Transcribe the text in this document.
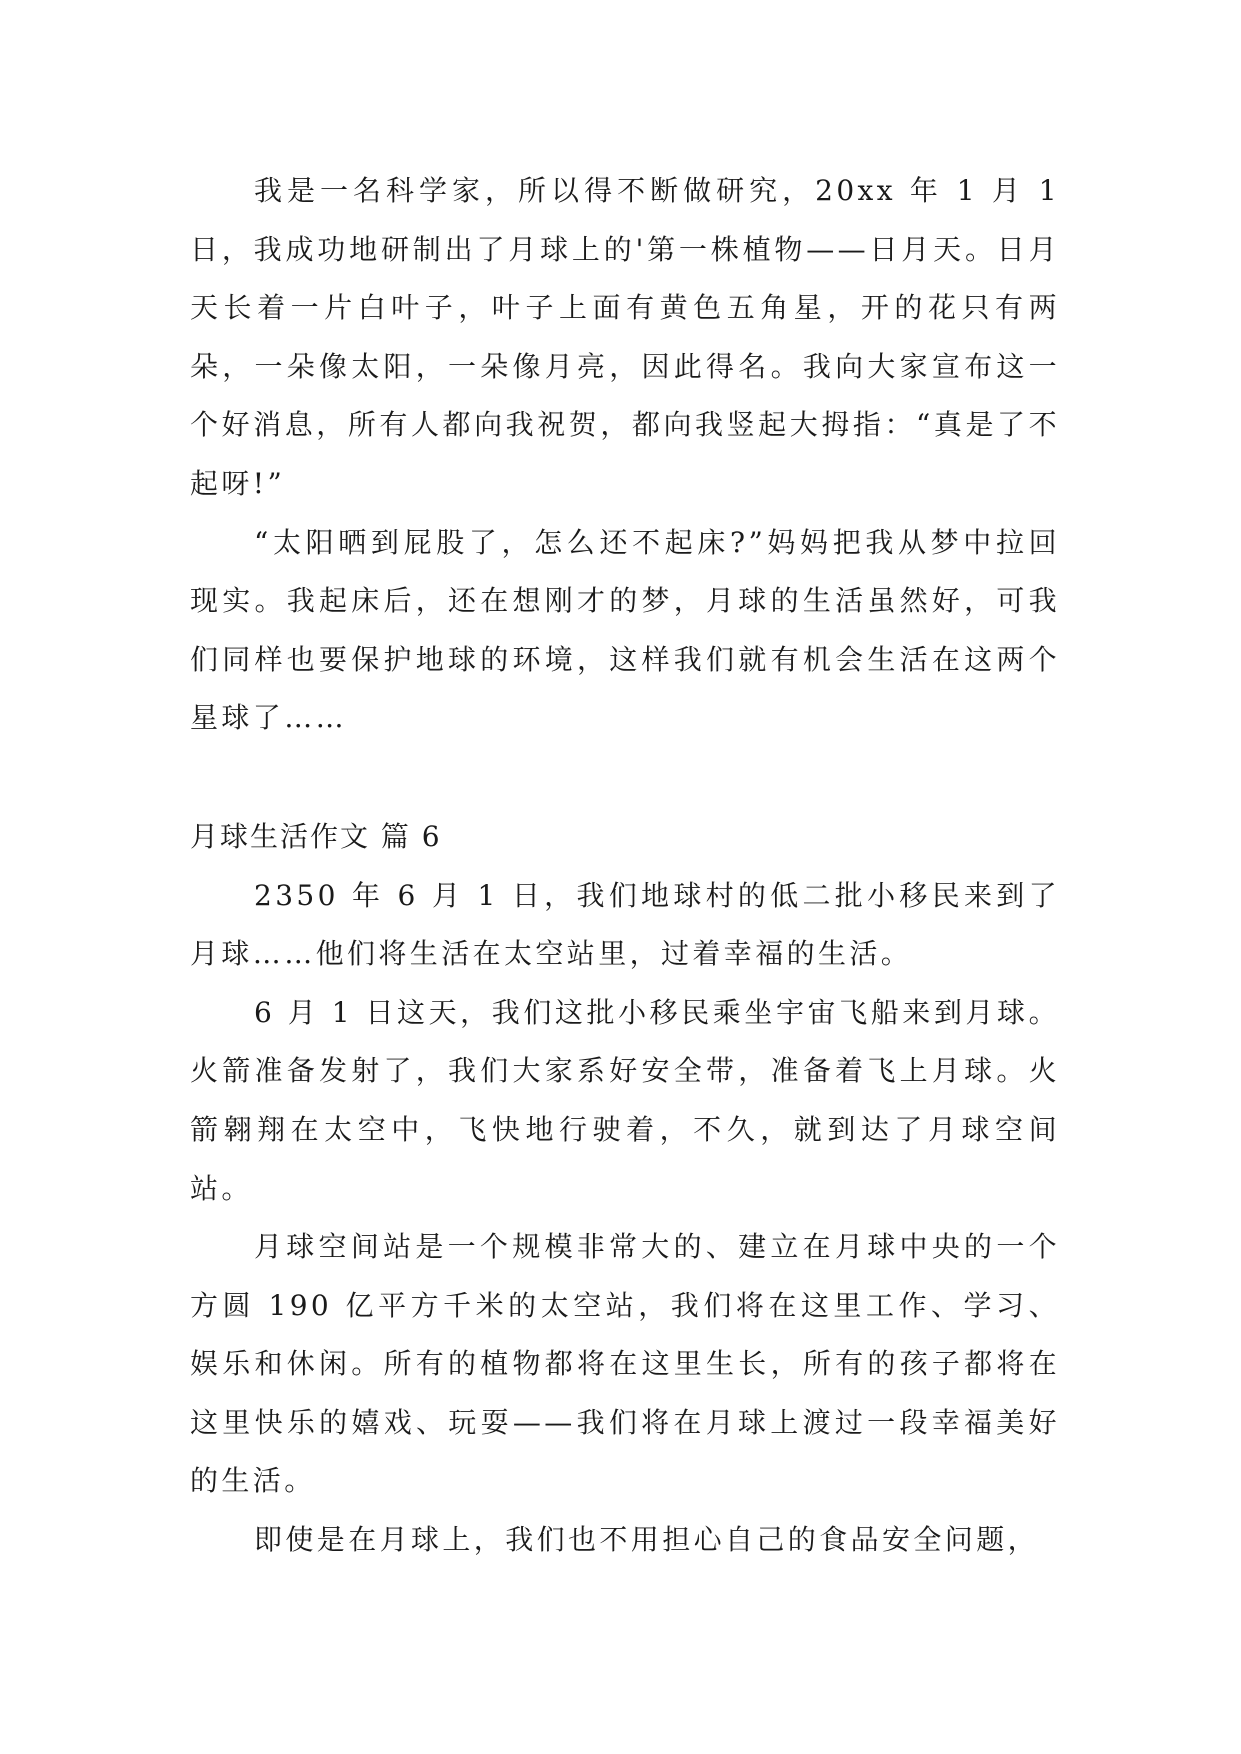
我是一名科学家，所以得不断做研究，20xx 年 1 月 1 日，我成功地研制出了月球上的'第一株植物——日月天。日月天长着一片白叶子，叶子上面有黄色五角星，开的花只有两朵，一朵像太阳，一朵像月亮，因此得名。我向大家宣布这一个好消息，所有人都向我祝贺，都向我竖起大拇指：“真是了不起呀!”

“太阳晒到屁股了，怎么还不起床?”妈妈把我从梦中拉回现实。我起床后，还在想刚才的梦，月球的生活虽然好，可我们同样也要保护地球的环境，这样我们就有机会生活在这两个星球了……

月球生活作文 篇 6

2350 年 6 月 1 日，我们地球村的低二批小移民来到了月球……他们将生活在太空站里，过着幸福的生活。

6 月 1 日这天，我们这批小移民乘坐宇宙飞船来到月球。火箭准备发射了，我们大家系好安全带，准备着飞上月球。火箭翱翔在太空中，飞快地行驶着，不久，就到达了月球空间站。

月球空间站是一个规模非常大的、建立在月球中央的一个方圆 190 亿平方千米的太空站，我们将在这里工作、学习、娱乐和休闲。所有的植物都将在这里生长，所有的孩子都将在这里快乐的嬉戏、玩耍——我们将在月球上渡过一段幸福美好的生活。

即使是在月球上，我们也不用担心自己的食品安全问题，
